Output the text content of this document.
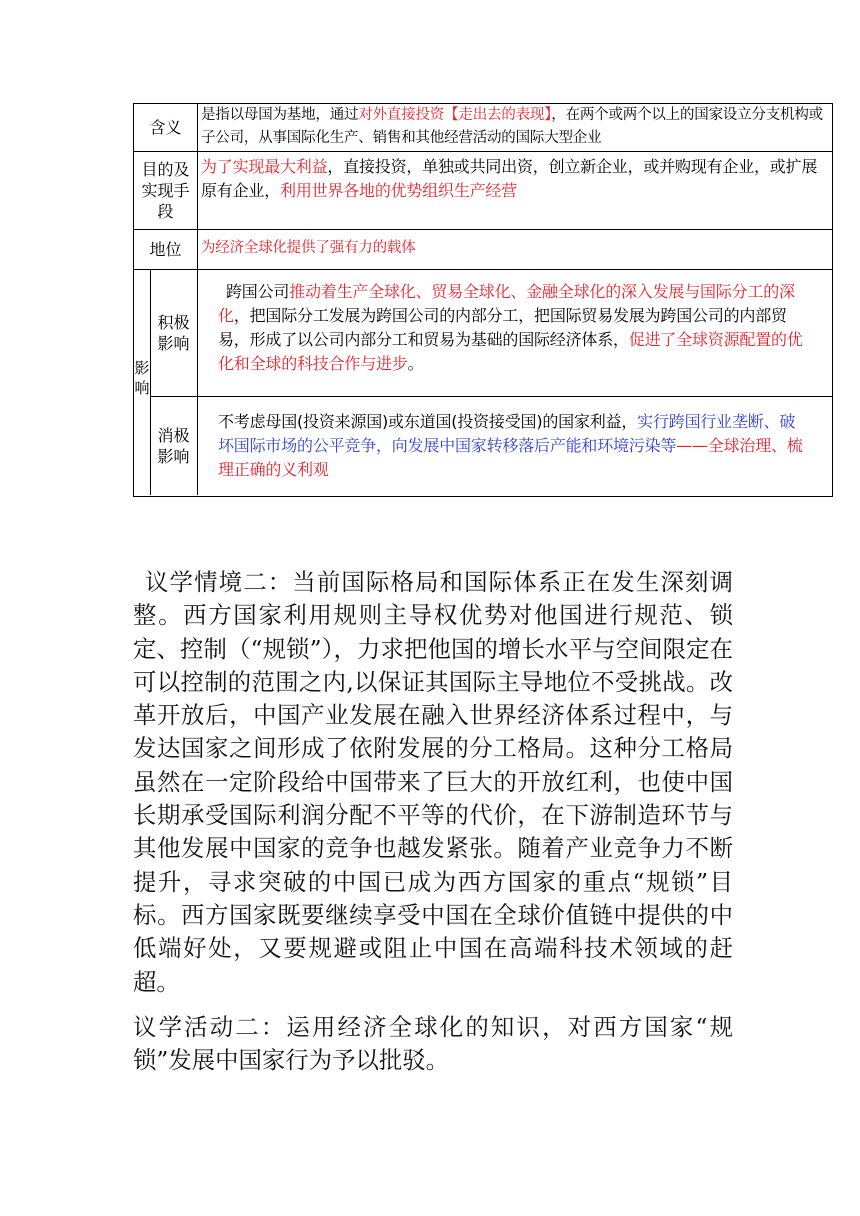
含义
是指以母国为基地，通过对外直接投资【走出去的表现】，在两个或两个以上的国家设立分支机构或子公司，从事国际化生产、销售和其他经营活动的国际大型企业
目的及
实现手
段
为了实现最大利益，直接投资，单独或共同出资，创立新企业，或并购现有企业，或扩展原有企业，利用世界各地的优势组织生产经营
地位 为经济全球化提供了强有力的载体
影
响
积极
影响
跨国公司推动着生产全球化、贸易全球化、金融全球化的深入发展与国际分工的深化，把国际分工发展为跨国公司的内部分工，把国际贸易发展为跨国公司的内部贸易，形成了以公司内部分工和贸易为基础的国际经济体系，促进了全球资源配置的优化和全球的科技合作与进步。
消极
影响
不考虑母国(投资来源国)或东道国(投资接受国)的国家利益，实行跨国行业垄断、破坏国际市场的公平竞争，向发展中国家转移落后产能和环境污染等——全球治理、梳理正确的义利观
议学情境二：当前国际格局和国际体系正在发生深刻调整。西方国家利用规则主导权优势对他国进行规范、锁定、控制（“规锁”），力求把他国的增长水平与空间限定在可以控制的范围之内,以保证其国际主导地位不受挑战。改革开放后，中国产业发展在融入世界经济体系过程中，与发达国家之间形成了依附发展的分工格局。这种分工格局虽然在一定阶段给中国带来了巨大的开放红利，也使中国长期承受国际利润分配不平等的代价，在下游制造环节与其他发展中国家的竞争也越发紧张。随着产业竞争力不断提升，寻求突破的中国已成为西方国家的重点“规锁”目标。西方国家既要继续享受中国在全球价值链中提供的中低端好处，又要规避或阻止中国在高端科技术领域的赶超。
议学活动二：运用经济全球化的知识，对西方国家“规锁”发展中国家行为予以批驳。
